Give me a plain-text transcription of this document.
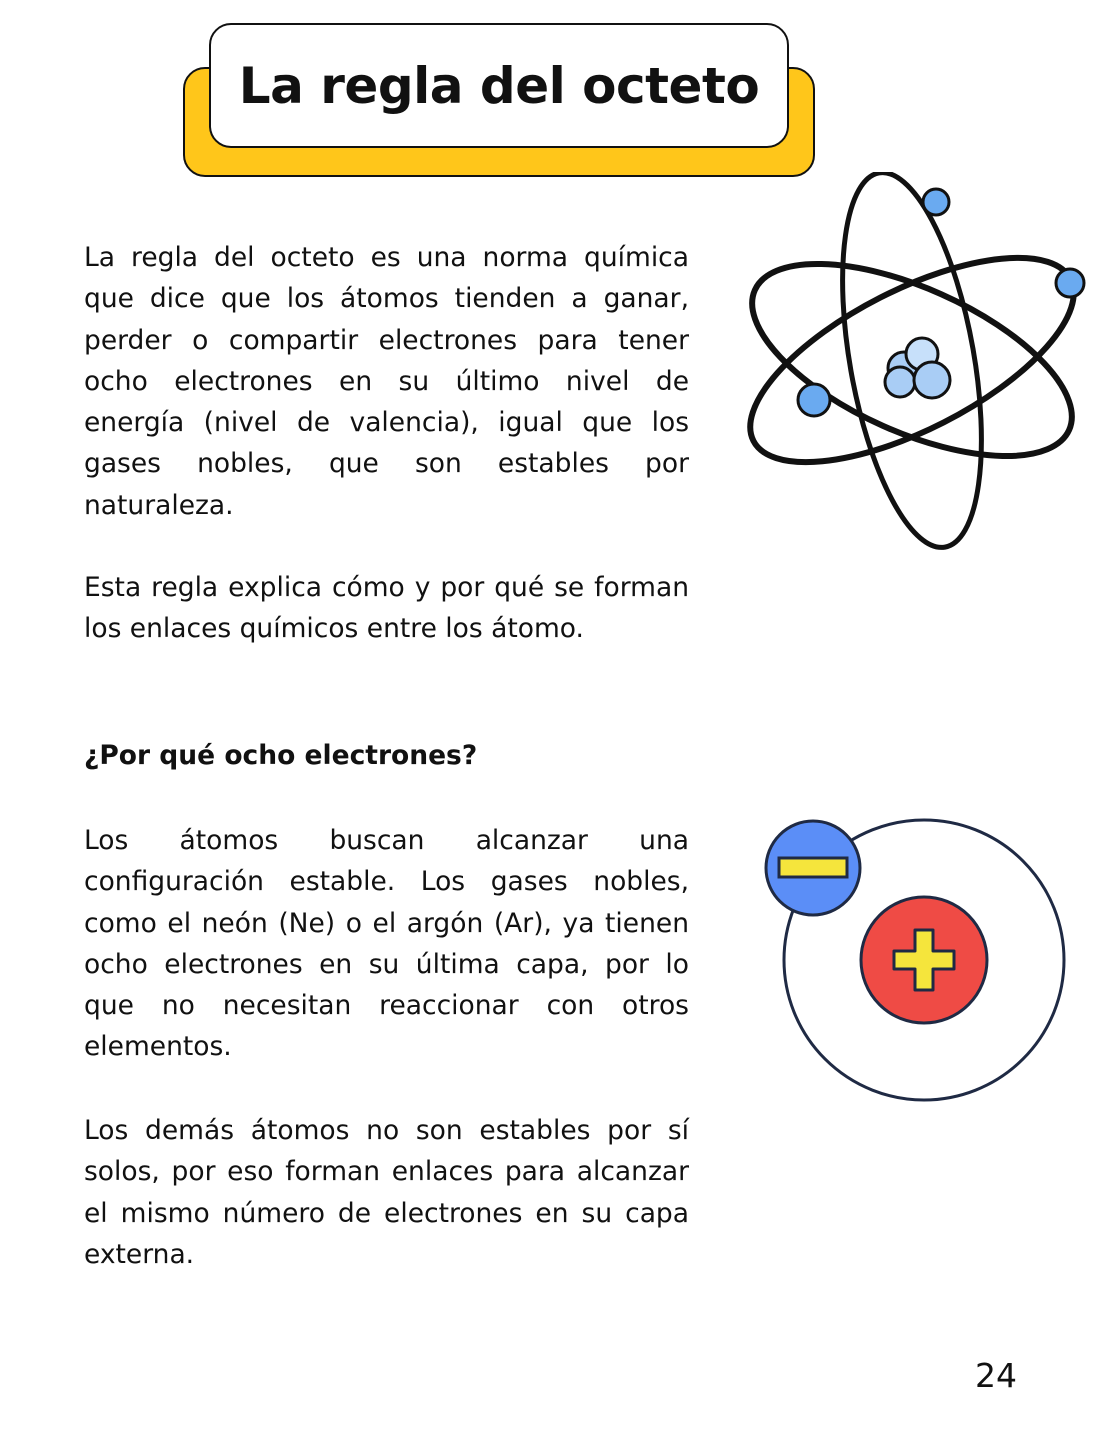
La regla del octeto

La regla del octeto es una norma química que dice que los átomos tienden a ganar, perder o compartir electrones para tener ocho electrones en su último nivel de energía (nivel de valencia), igual que los gases nobles, que son estables por naturaleza.

Esta regla explica cómo y por qué se forman los enlaces químicos entre los átomo.

¿Por qué ocho electrones?

Los átomos buscan alcanzar una configuración estable. Los gases nobles, como el neón (Ne) o el argón (Ar), ya tienen ocho electrones en su última capa, por lo que no necesitan reaccionar con otros elementos.

Los demás átomos no son estables por sí solos, por eso forman enlaces para alcanzar el mismo número de electrones en su capa externa.

24
